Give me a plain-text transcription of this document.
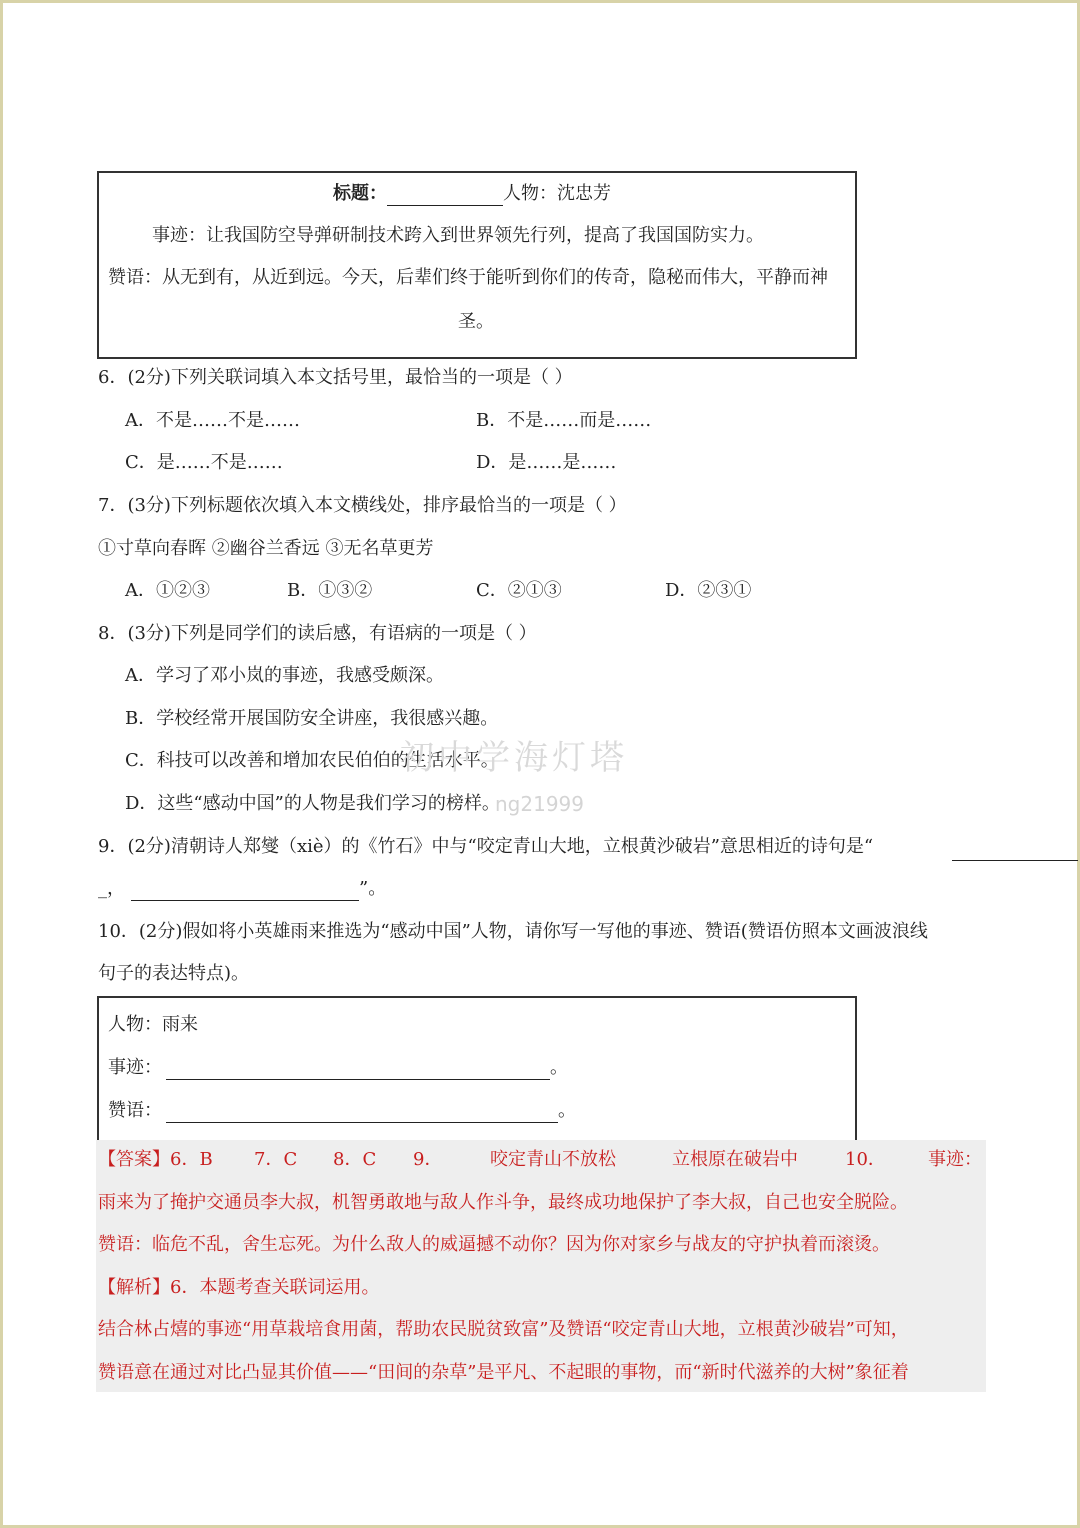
标题：	人物：沈忠芳
事迹：让我国防空导弹研制技术跨入到世界领先行列，提高了我国国防实力。
赞语：从无到有，从近到远。今天，后辈们终于能听到你们的传奇，隐秘而伟大，平静而神
圣。
6．(2分)下列关联词填入本文括号里，最恰当的一项是（ ）
A．不是……不是……	B．不是……而是……
C．是……不是……	D．是……是……
7．(3分)下列标题依次填入本文横线处，排序最恰当的一项是（ ）
①寸草向春晖 ②幽谷兰香远 ③无名草更芳
A．①②③	B．①③②	C．②①③	D．②③①
8．(3分)下列是同学们的读后感，有语病的一项是（ ）
A．学习了邓小岚的事迹，我感受颇深。
B．学校经常开展国防安全讲座，我很感兴趣。
C．科技可以改善和增加农民伯伯的生活水平。
D．这些“感动中国”的人物是我们学习的榜样。
初中学海灯塔
ng21999
9．(2分)清朝诗人郑燮（xiè）的《竹石》中与“咬定青山大地，立根黄沙破岩”意思相近的诗句是“
_，	”。
10．(2分)假如将小英雄雨来推选为“感动中国”人物，请你写一写他的事迹、赞语(赞语仿照本文画波浪线
句子的表达特点)。
人物：雨来
事迹：	。
赞语：	。
【答案】6．B 7．C 8．C 9．	咬定青山不放松	立根原在破岩中	10． 事迹：
雨来为了掩护交通员李大叔，机智勇敢地与敌人作斗争，最终成功地保护了李大叔，自己也安全脱险。
赞语：临危不乱，舍生忘死。为什么敌人的威逼撼不动你？因为你对家乡与战友的守护执着而滚烫。
【解析】6．本题考查关联词运用。
结合林占熺的事迹“用草栽培食用菌，帮助农民脱贫致富”及赞语“咬定青山大地，立根黄沙破岩”可知，
赞语意在通过对比凸显其价值——“田间的杂草”是平凡、不起眼的事物，而“新时代滋养的大树”象征着
